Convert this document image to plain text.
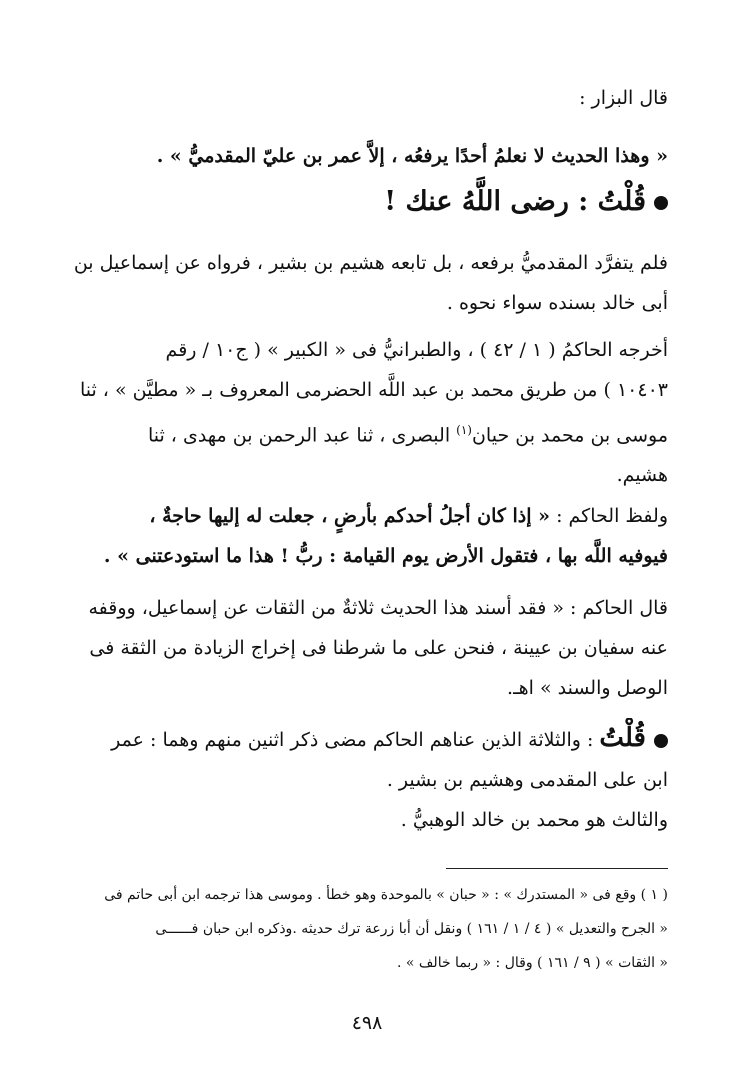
قال البزار :
« وهذا الحديث لا نعلمُ أحدًا يرفعُه ، إلاَّ عمر بن عليّ المقدميُّ » .
قُلْتُ : رضى اللَّهُ عنك !
فلم يتفرَّد المقدميُّ برفعه ، بل تابعه هشيم بن بشير ، فرواه عن إسماعيل بن
أبى خالد بسنده سواء نحوه .
أخرجه الحاكمُ ( ١ / ٤٢ ) ، والطبرانيُّ فى « الكبير » ( ج١٠ / رقم
١٠٤٠٣ ) من طريق محمد بن عبد اللَّه الحضرمى المعروف بـ « مطيَّن » ، ثنا
موسى بن محمد بن حيان$^{(١)}$ البصرى ، ثنا عبد الرحمن بن مهدى ، ثنا
هشيم.
ولفظ الحاكم : « إذا كان أجلُ أحدكم بأرضٍ ، جعلت له إليها حاجةٌ ،
فيوفيه اللَّه بها ، فتقول الأرض يوم القيامة : ربُّ ! هذا ما استودعتنى » .
قال الحاكم : « فقد أسند هذا الحديث ثلاثةٌ من الثقات عن إسماعيل، ووقفه
عنه سفيان بن عيينة ، فنحن على ما شرطنا فى إخراج الزيادة من الثقة فى
الوصل والسند » اهـ.
قُلْتُ : والثلاثة الذين عناهم الحاكم مضى ذكر اثنين منهم وهما : عمر
ابن على المقدمى وهشيم بن بشير .
والثالث هو محمد بن خالد الوهبيُّ .
( ١ ) وقع فى « المستدرك » : « حبان » بالموحدة وهو خطأ . وموسى هذا ترجمه ابن أبى حاتم فى
« الجرح والتعديل » ( ٤ / ١ / ١٦١ ) ونقل أن أبا زرعة ترك حديثه .وذكره ابن حبان فــــــى
« الثقات » ( ٩ / ١٦١ ) وقال : « ربما خالف » .
٤٩٨
